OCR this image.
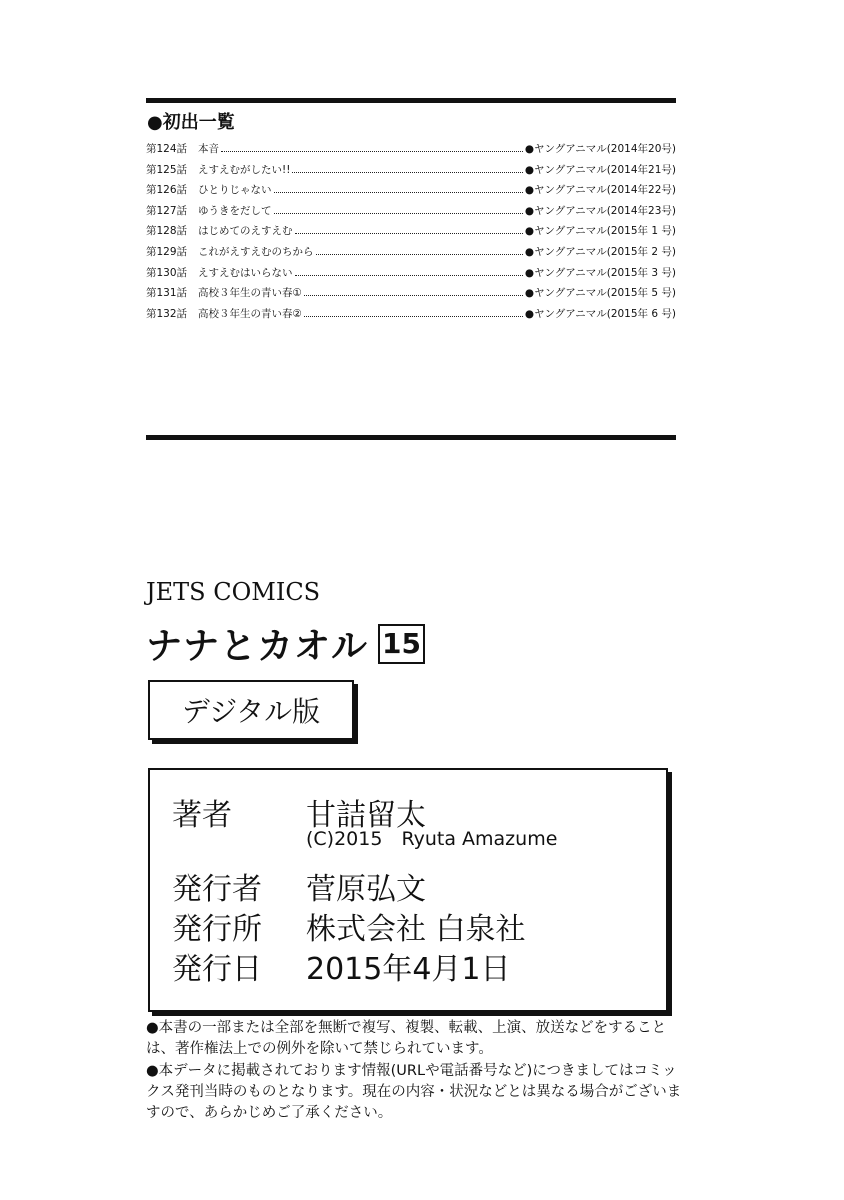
●初出一覧
第124話	本音	●ヤングアニマル(2014年20号)
第125話	えすえむがしたい!!	●ヤングアニマル(2014年21号)
第126話	ひとりじゃない	●ヤングアニマル(2014年22号)
第127話	ゆうきをだして	●ヤングアニマル(2014年23号)
第128話	はじめてのえすえむ	●ヤングアニマル(2015年 1 号)
第129話	これがえすえむのちから	●ヤングアニマル(2015年 2 号)
第130話	えすえむはいらない	●ヤングアニマル(2015年 3 号)
第131話	高校３年生の青い春①	●ヤングアニマル(2015年 5 号)
第132話	高校３年生の青い春②	●ヤングアニマル(2015年 6 号)
JETS COMICS
ナナとカオル 15
デジタル版
著者	甘詰留太
(C)2015　Ryuta Amazume
発行者	菅原弘文
発行所	株式会社 白泉社
発行日	2015年4月1日

●本書の一部または全部を無断で複写、複製、転載、上演、放送などをすることは、著作権法上での例外を除いて禁じられています。

●本データに掲載されております情報(URLや電話番号など)につきましてはコミックス発刊当時のものとなります。現在の内容・状況などとは異なる場合がございますので、あらかじめご了承ください。
